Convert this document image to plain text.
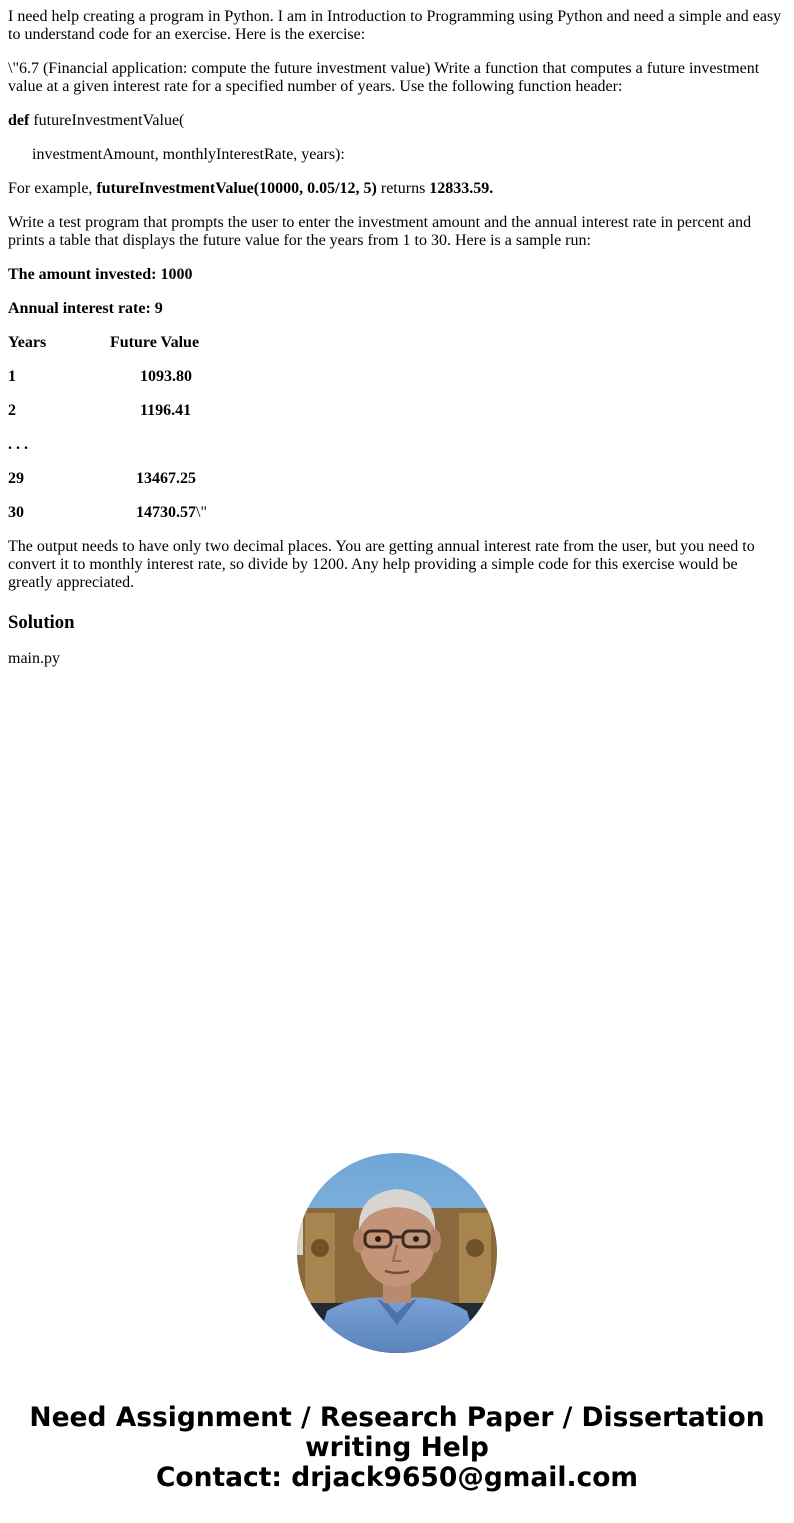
I need help creating a program in Python. I am in Introduction to Programming using Python and need a simple and easy to understand code for an exercise. Here is the exercise:

\"6.7 (Financial application: compute the future investment value) Write a function that computes a future investment value at a given interest rate for a specified number of years. Use the following function header:

def futureInvestmentValue(

investmentAmount, monthlyInterestRate, years):

For example, futureInvestmentValue(10000, 0.05/12, 5) returns 12833.59.

Write a test program that prompts the user to enter the investment amount and the annual interest rate in percent and prints a table that displays the future value for the years from 1 to 30. Here is a sample run:

The amount invested: 1000

Annual interest rate: 9

Years	Future Value
1	1093.80
2	1196.41
. . .
29	13467.25
30	14730.57\"

The output needs to have only two decimal places. You are getting annual interest rate from the user, but you need to convert it to monthly interest rate, so divide by 1200. Any help providing a simple code for this exercise would be greatly appreciated.

Solution

main.py

Need Assignment / Research Paper / Dissertation
writing Help
Contact: drjack9650@gmail.com
